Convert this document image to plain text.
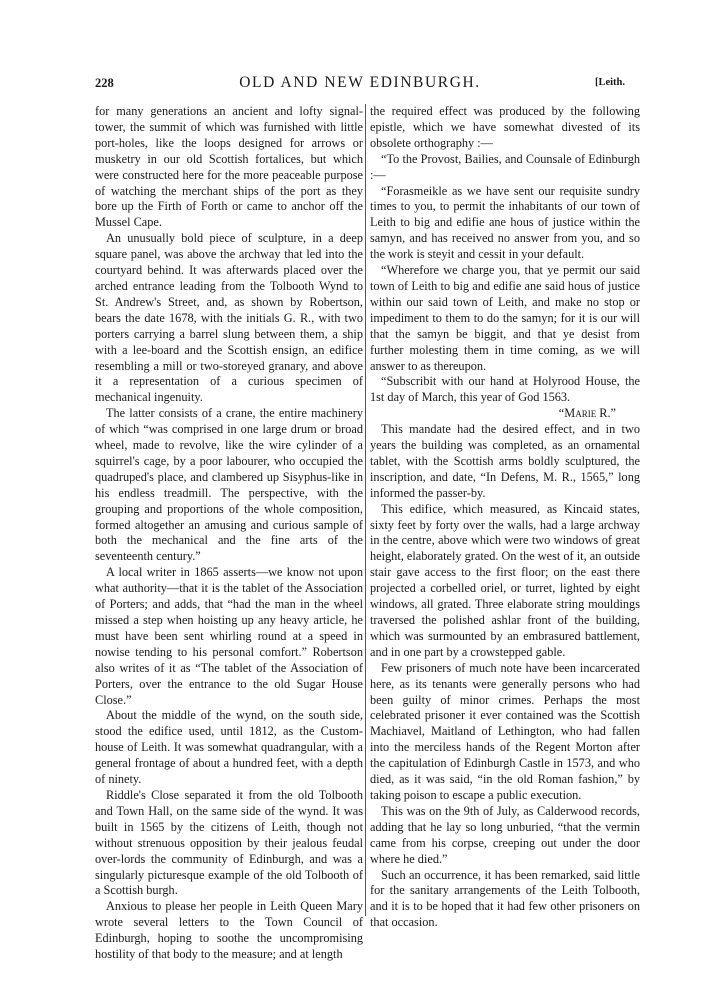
228	OLD AND NEW EDINBURGH.	[Leith.

for many generations an ancient and lofty signal-tower, the summit of which was furnished with little port-holes, like the loops designed for arrows or musketry in our old Scottish fortalices, but which were constructed here for the more peaceable purpose of watching the merchant ships of the port as they bore up the Firth of Forth or came to anchor off the Mussel Cape.

An unusually bold piece of sculpture, in a deep square panel, was above the archway that led into the courtyard behind. It was afterwards placed over the arched entrance leading from the Tolbooth Wynd to St. Andrew's Street, and, as shown by Robertson, bears the date 1678, with the initials G. R., with two porters carrying a barrel slung between them, a ship with a lee-board and the Scottish ensign, an edifice resembling a mill or two-storeyed granary, and above it a representation of a curious specimen of mechanical ingenuity.

The latter consists of a crane, the entire machinery of which “was comprised in one large drum or broad wheel, made to revolve, like the wire cylinder of a squirrel's cage, by a poor labourer, who occupied the quadruped's place, and clambered up Sisyphus-like in his endless treadmill. The perspective, with the grouping and proportions of the whole composition, formed altogether an amusing and curious sample of both the mechanical and the fine arts of the seventeenth century.”

A local writer in 1865 asserts—we know not upon what authority—that it is the tablet of the Association of Porters; and adds, that “had the man in the wheel missed a step when hoisting up any heavy article, he must have been sent whirling round at a speed in nowise tending to his personal comfort.” Robertson also writes of it as “The tablet of the Association of Porters, over the entrance to the old Sugar House Close.”

About the middle of the wynd, on the south side, stood the edifice used, until 1812, as the Custom-house of Leith. It was somewhat quadrangular, with a general frontage of about a hundred feet, with a depth of ninety.

Riddle's Close separated it from the old Tolbooth and Town Hall, on the same side of the wynd. It was built in 1565 by the citizens of Leith, though not without strenuous opposition by their jealous feudal over-lords the community of Edinburgh, and was a singularly picturesque example of the old Tolbooth of a Scottish burgh.

Anxious to please her people in Leith Queen Mary wrote several letters to the Town Council of Edinburgh, hoping to soothe the uncompromising hostility of that body to the measure; and at length

the required effect was produced by the following epistle, which we have somewhat divested of its obsolete orthography :—

“To the Provost, Bailies, and Counsale of Edinburgh :—

“Forasmeikle as we have sent our requisite sundry times to you, to permit the inhabitants of our town of Leith to big and edifie ane hous of justice within the samyn, and has received no answer from you, and so the work is steyit and cessit in your default.

“Wherefore we charge you, that ye permit our said town of Leith to big and edifie ane said hous of justice within our said town of Leith, and make no stop or impediment to them to do the samyn; for it is our will that the samyn be biggit, and that ye desist from further molesting them in time coming, as we will answer to as thereupon.

“Subscribit with our hand at Holyrood House, the 1st day of March, this year of God 1563.

“Marie R.”

This mandate had the desired effect, and in two years the building was completed, as an ornamental tablet, with the Scottish arms boldly sculptured, the inscription, and date, “In Defens, M. R., 1565,” long informed the passer-by.

This edifice, which measured, as Kincaid states, sixty feet by forty over the walls, had a large archway in the centre, above which were two windows of great height, elaborately grated. On the west of it, an outside stair gave access to the first floor; on the east there projected a corbelled oriel, or turret, lighted by eight windows, all grated. Three elaborate string mouldings traversed the polished ashlar front of the building, which was surmounted by an embrasured battlement, and in one part by a crowstepped gable.

Few prisoners of much note have been incarcerated here, as its tenants were generally persons who had been guilty of minor crimes. Perhaps the most celebrated prisoner it ever contained was the Scottish Machiavel, Maitland of Lethington, who had fallen into the merciless hands of the Regent Morton after the capitulation of Edinburgh Castle in 1573, and who died, as it was said, “in the old Roman fashion,” by taking poison to escape a public execution.

This was on the 9th of July, as Calderwood records, adding that he lay so long unburied, “that the vermin came from his corpse, creeping out under the door where he died.”

Such an occurrence, it has been remarked, said little for the sanitary arrangements of the Leith Tolbooth, and it is to be hoped that it had few other prisoners on that occasion.
